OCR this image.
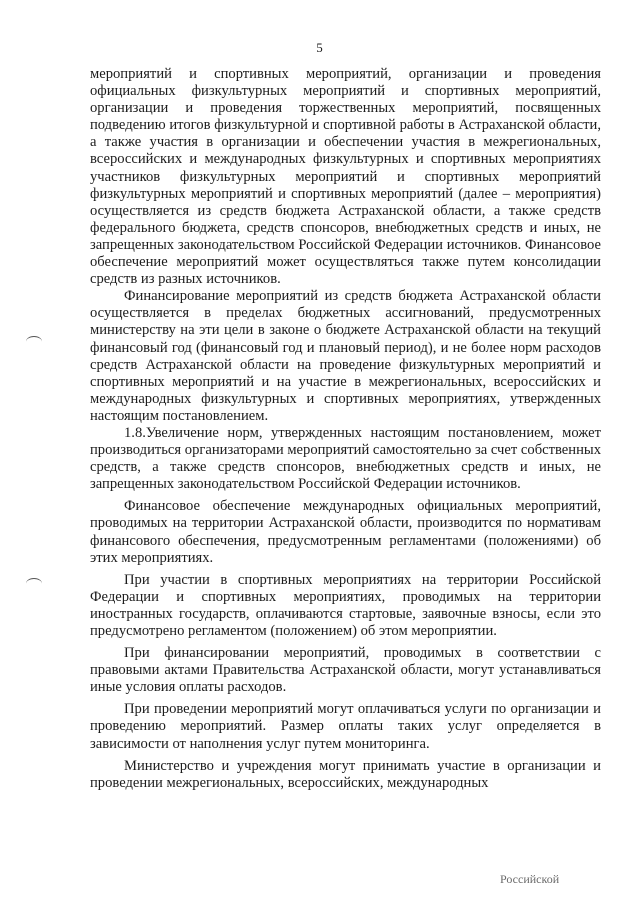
5

мероприятий и спортивных мероприятий, организации и проведения официальных физкультурных мероприятий и спортивных мероприятий, организации и проведения торжественных мероприятий, посвященных подведению итогов физкультурной и спортивной работы в Астраханской области, а также участия в организации и обеспечении участия в межрегиональных, всероссийских и международных физкультурных и спортивных мероприятиях участников физкультурных мероприятий и спортивных мероприятий физкультурных мероприятий и спортивных мероприятий (далее – мероприятия) осуществляется из средств бюджета Астраханской области, а также средств федерального бюджета, средств спонсоров, внебюджетных средств и иных, не запрещенных законодательством Российской Федерации источников. Финансовое обеспечение мероприятий может осуществляться также путем консолидации средств из разных источников.

Финансирование мероприятий из средств бюджета Астраханской области осуществляется в пределах бюджетных ассигнований, предусмотренных министерству на эти цели в законе о бюджете Астраханской области на текущий финансовый год (финансовый год и плановый период), и не более норм расходов средств Астраханской области на проведение физкультурных мероприятий и спортивных мероприятий и на участие в межрегиональных, всероссийских и международных физкультурных и спортивных мероприятиях, утвержденных настоящим постановлением.

1.8.Увеличение норм, утвержденных настоящим постановлением, может производиться организаторами мероприятий самостоятельно за счет собственных средств, а также средств спонсоров, внебюджетных средств и иных, не запрещенных законодательством Российской Федерации источников.

Финансовое обеспечение международных официальных мероприятий, проводимых на территории Астраханской области, производится по нормативам финансового обеспечения, предусмотренным регламентами (положениями) об этих мероприятиях.

При участии в спортивных мероприятиях на территории Российской Федерации и спортивных мероприятиях, проводимых на территории иностранных государств, оплачиваются стартовые, заявочные взносы, если это предусмотрено регламентом (положением) об этом мероприятии.

При финансировании мероприятий, проводимых в соответствии с правовыми актами Правительства Астраханской области, могут устанавливаться иные условия оплаты расходов.

При проведении мероприятий могут оплачиваться услуги по организации и проведению мероприятий. Размер оплаты таких услуг определяется в зависимости от наполнения услуг путем мониторинга.

Министерство и учреждения могут принимать участие в организации и проведении межрегиональных, всероссийских, международных

Российской
